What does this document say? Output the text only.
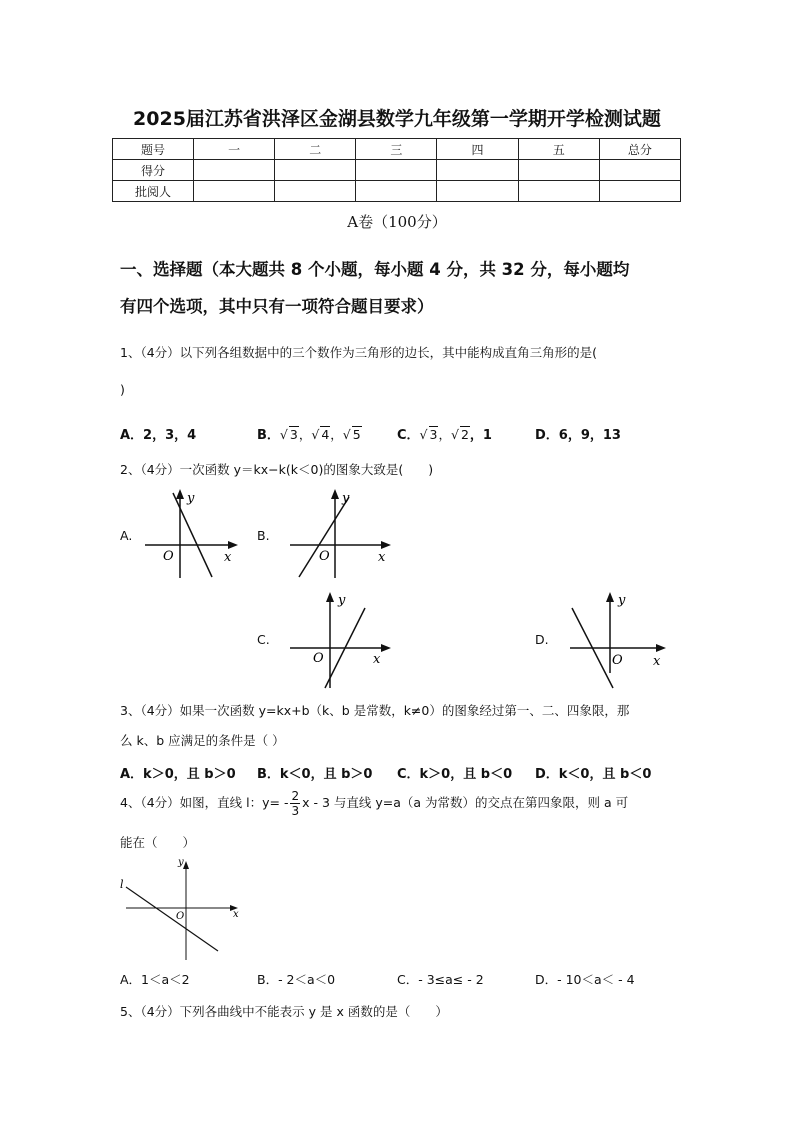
2025届江苏省洪泽区金湖县数学九年级第一学期开学检测试题
题号	一	二	三	四	五	总分
得分						
批阅人						
A卷（100分）
一、选择题（本大题共 8 个小题，每小题 4 分，共 32 分，每小题均
有四个选项，其中只有一项符合题目要求）
1、（4分）以下列各组数据中的三个数作为三角形的边长，其中能构成直角三角形的是(
)
A．2，3，4	B．√ 3，√ 4，√ 5	C．√ 3，√ 2，1	D．6，9，13
2、（4分）一次函数 y＝kx−k(k＜0)的图象大致是(　　)
A.
y
x
O
B.
y
x
O
C.
y
x
O
D.
y
x
O
3、（4分）如果一次函数 y=kx+b（k、b 是常数，k≠0）的图象经过第一、二、四象限，那
么 k、b 应满足的条件是（ ）
A．k＞0，且 b＞0 B．k＜0，且 b＞0 C．k＞0，且 b＜0 D．k＜0，且 b＜0
4、（4分）如图，直线 l：$y= - \frac{2}{3}$ x - 3 与直线 y=a（a 为常数）的交点在第四象限，则 a 可
能在（　　）
l
y
x
O
A．1＜a＜2	B．- 2＜a＜0	C．- 3≤a≤ - 2	D．- 10＜a＜ - 4
5、（4分）下列各曲线中不能表示 y 是 x 函数的是（　　）
